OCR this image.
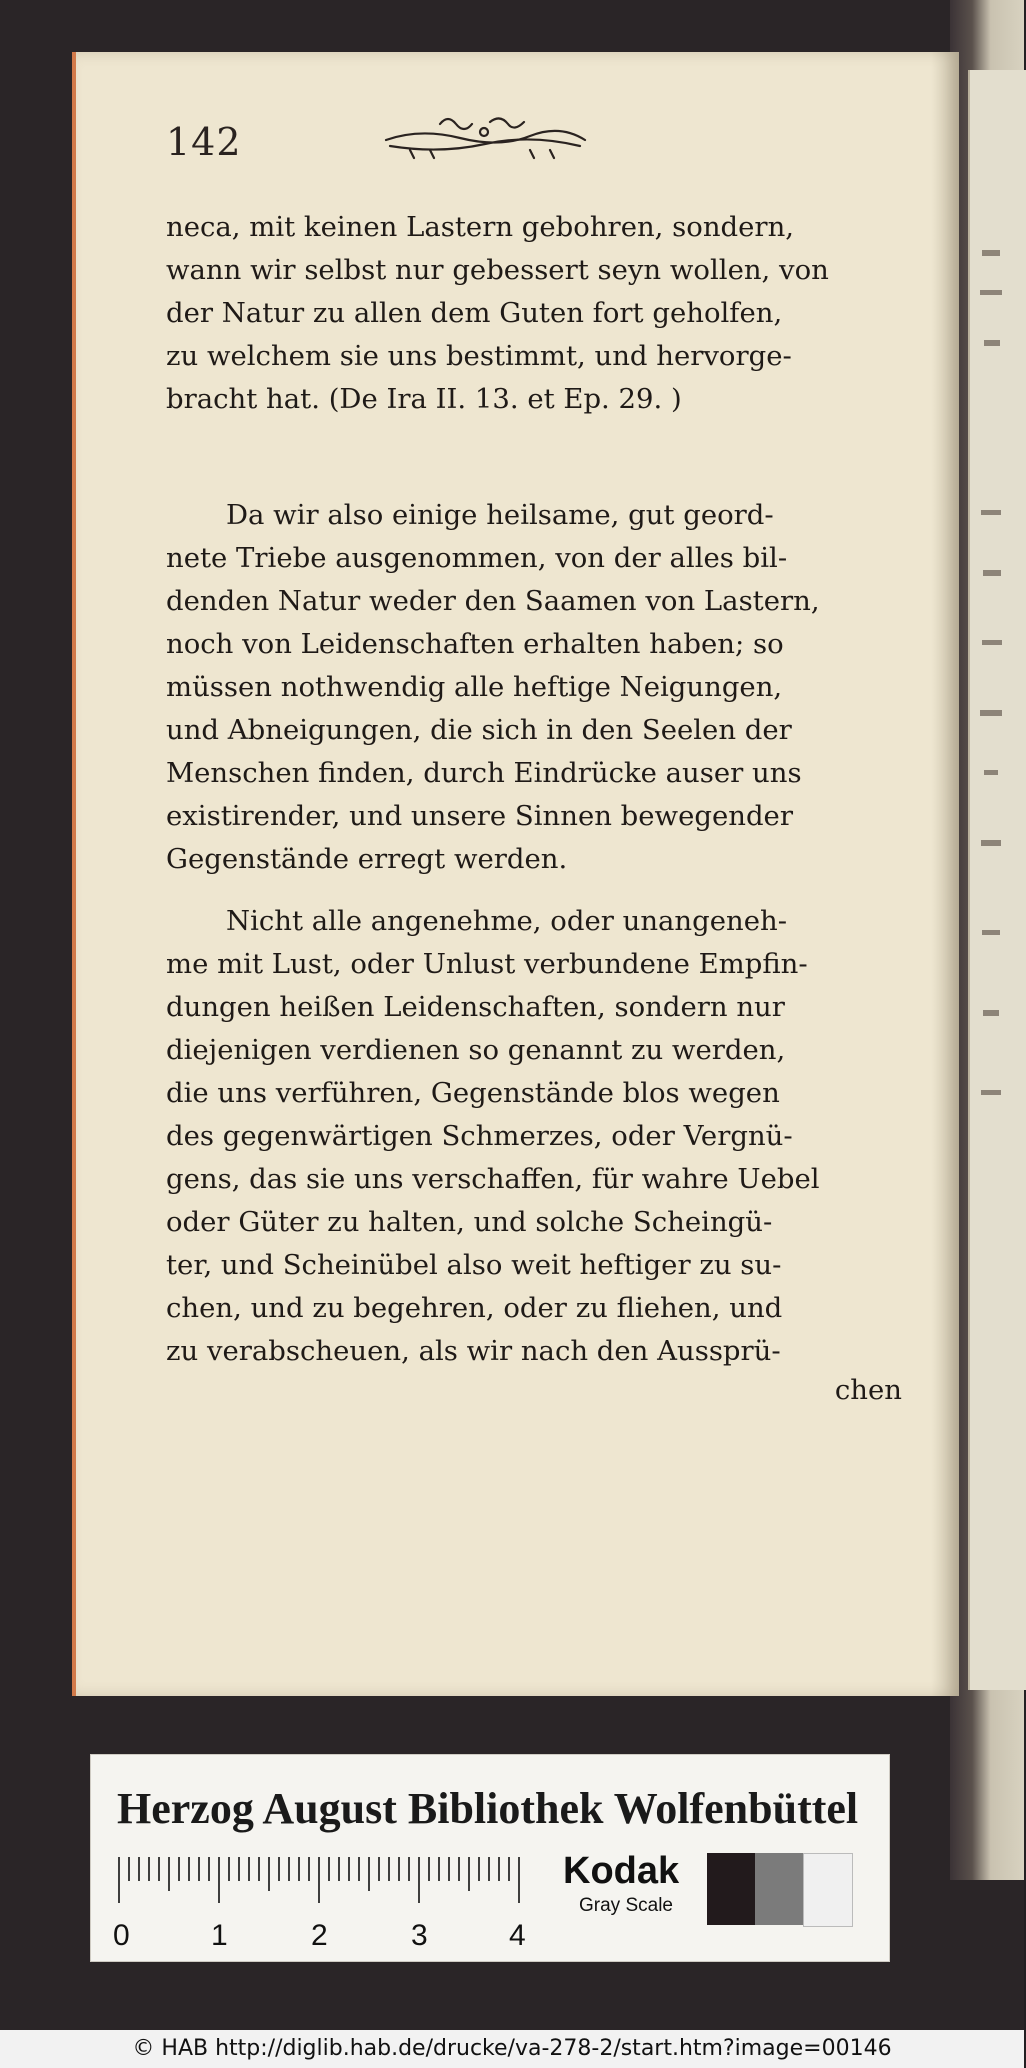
142
neca, mit keinen Lastern gebohren, sondern,
wann wir selbst nur gebessert seyn wollen, von
der Natur zu allen dem Guten fort geholfen,
zu welchem sie uns bestimmt, und hervorge-
bracht hat. (De Ira II. 13. et Ep. 29. )
Da wir also einige heilsame, gut geord-
nete Triebe ausgenommen, von der alles bil-
denden Natur weder den Saamen von Lastern,
noch von Leidenschaften erhalten haben; so
müssen nothwendig alle heftige Neigungen,
und Abneigungen, die sich in den Seelen der
Menschen finden, durch Eindrücke auser uns
existirender, und unsere Sinnen bewegender
Gegenstände erregt werden.
Nicht alle angenehme, oder unangeneh-
me mit Lust, oder Unlust verbundene Empfin-
dungen heißen Leidenschaften, sondern nur
diejenigen verdienen so genannt zu werden,
die uns verführen, Gegenstände blos wegen
des gegenwärtigen Schmerzes, oder Vergnü-
gens, das sie uns verschaffen, für wahre Uebel
oder Güter zu halten, und solche Scheingü-
ter, und Scheinübel also weit heftiger zu su-
chen, und zu begehren, oder zu fliehen, und
zu verabscheuen, als wir nach den Aussprü-
chen
Herzog August Bibliothek Wolfenbüttel
0	1	2	3	4
Kodak
Gray Scale
© HAB http://diglib.hab.de/drucke/va-278-2/start.htm?image=00146
